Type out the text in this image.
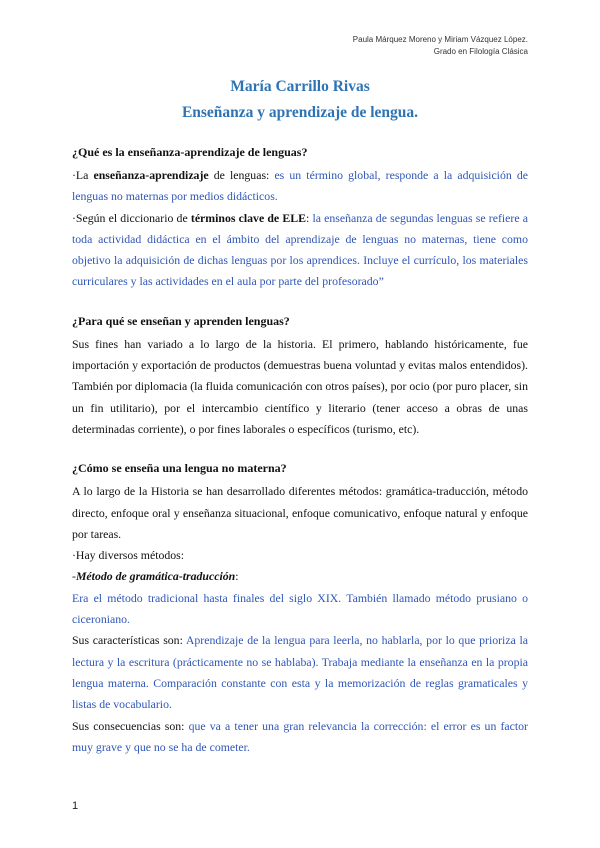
Paula Márquez Moreno y Miriam Vázquez López.
Grado en Filología Clásica
María Carrillo Rivas
Enseñanza y aprendizaje de lengua.
¿Qué es la enseñanza-aprendizaje de lenguas?

·La enseñanza-aprendizaje de lenguas: es un término global, responde a la adquisición de lenguas no maternas por medios didácticos.

·Según el diccionario de términos clave de ELE: la enseñanza de segundas lenguas se refiere a toda actividad didáctica en el ámbito del aprendizaje de lenguas no maternas, tiene como objetivo la adquisición de dichas lenguas por los aprendices. Incluye el currículo, los materiales curriculares y las actividades en el aula por parte del profesorado”

¿Para qué se enseñan y aprenden lenguas?

Sus fines han variado a lo largo de la historia. El primero, hablando históricamente, fue importación y exportación de productos (demuestras buena voluntad y evitas malos entendidos). También por diplomacia (la fluida comunicación con otros países), por ocio (por puro placer, sin un fin utilitario), por el intercambio científico y literario (tener acceso a obras de unas determinadas corriente), o por fines laborales o específicos (turismo, etc).

¿Cómo se enseña una lengua no materna?

A lo largo de la Historia se han desarrollado diferentes métodos: gramática-traducción, método directo, enfoque oral y enseñanza situacional, enfoque comunicativo, enfoque natural y enfoque por tareas.

·Hay diversos métodos:

-Método de gramática-traducción:

Era el método tradicional hasta finales del siglo XIX. También llamado método prusiano o ciceroniano.

Sus características son: Aprendizaje de la lengua para leerla, no hablarla, por lo que prioriza la lectura y la escritura (prácticamente no se hablaba). Trabaja mediante la enseñanza en la propia lengua materna. Comparación constante con esta y la memorización de reglas gramaticales y listas de vocabulario.

Sus consecuencias son: que va a tener una gran relevancia la corrección: el error es un factor muy grave y que no se ha de cometer.

1
